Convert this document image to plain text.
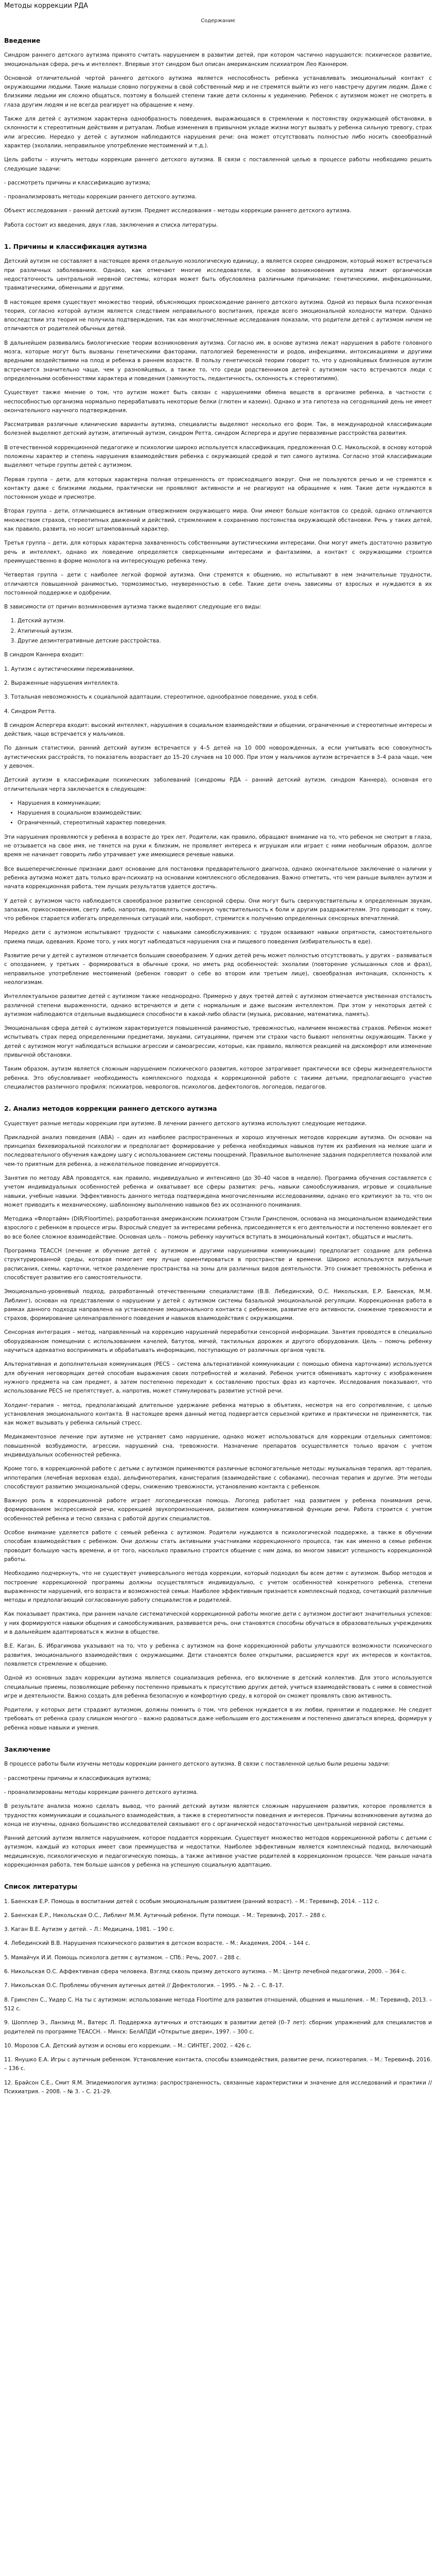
Методы коррекции РДА
Содержание
Введение

Синдром раннего детского аутизма принято считать нарушением в развитии детей, при котором частично нарушаются: психическое развитие, эмоциональная сфера, речь и интеллект. Впервые этот синдром был описан американским психиатром Лео Каннером.

Основной отличительной чертой раннего детского аутизма является неспособность ребенка устанавливать эмоциональный контакт с окружающими людьми. Такие малыши словно погружены в свой собственный мир и не стремятся выйти из него навстречу другим людям. Даже с близкими людьми им сложно общаться, поэтому в большей степени такие дети склонны к уединению. Ребенок с аутизмом может не смотреть в глаза другим людям и не всегда реагирует на обращение к нему.

Также для детей с аутизмом характерна однообразность поведения, выражающаяся в стремлении к постоянству окружающей обстановки, в склонности к стереотипным действиям и ритуалам. Любые изменения в привычном укладе жизни могут вызвать у ребенка сильную тревогу, страх или агрессию. Нередко у детей с аутизмом наблюдаются нарушения речи: она может отсутствовать полностью либо носить своеобразный характер (эхолалии, неправильное употребление местоимений и т.д.).

Цель работы – изучить методы коррекции раннего детского аутизма. В связи с поставленной целью в процессе работы необходимо решить следующие задачи:

- рассмотреть причины и классификацию аутизма;

- проанализировать методы коррекции раннего детского аутизма.

Объект исследования – ранний детский аутизм. Предмет исследования – методы коррекции раннего детского аутизма.

Работа состоит из введения, двух глав, заключения и списка литературы.

1. Причины и классификация аутизма

Детский аутизм не составляет в настоящее время отдельную нозологическую единицу, а является скорее синдромом, который может встречаться при различных заболеваниях. Однако, как отмечают многие исследователи, в основе возникновения аутизма лежит органическая недостаточность центральной нервной системы, которая может быть обусловлена различными причинами: генетическими, инфекционными, травматическими, обменными и другими.

В настоящее время существует множество теорий, объясняющих происхождение раннего детского аутизма. Одной из первых была психогенная теория, согласно которой аутизм является следствием неправильного воспитания, прежде всего эмоциональной холодности матери. Однако впоследствии эта теория не получила подтверждения, так как многочисленные исследования показали, что родители детей с аутизмом ничем не отличаются от родителей обычных детей.

В дальнейшем развивались биологические теории возникновения аутизма. Согласно им, в основе аутизма лежат нарушения в работе головного мозга, которые могут быть вызваны генетическими факторами, патологией беременности и родов, инфекциями, интоксикациями и другими вредными воздействиями на плод и ребенка в раннем возрасте. В пользу генетической теории говорит то, что у однояйцевых близнецов аутизм встречается значительно чаще, чем у разнояйцевых, а также то, что среди родственников детей с аутизмом часто встречаются люди с определенными особенностями характера и поведения (замкнутость, педантичность, склонность к стереотипиям).

Существует также мнение о том, что аутизм может быть связан с нарушениями обмена веществ в организме ребенка, в частности с неспособностью организма нормально перерабатывать некоторые белки (глютен и казеин). Однако и эта гипотеза на сегодняшний день не имеет окончательного научного подтверждения.

Рассматривая различные клинические варианты аутизма, специалисты выделяют несколько его форм. Так, в международной классификации болезней выделяют детский аутизм, атипичный аутизм, синдром Ретта, синдром Аспергера и другие первазивные расстройства развития.

В отечественной коррекционной педагогике и психологии широко используется классификация, предложенная О.С. Никольской, в основу которой положены характер и степень нарушения взаимодействия ребенка с окружающей средой и тип самого аутизма. Согласно этой классификации выделяют четыре группы детей с аутизмом.

Первая группа – дети, для которых характерна полная отрешенность от происходящего вокруг. Они не пользуются речью и не стремятся к контакту даже с близкими людьми, практически не проявляют активности и не реагируют на обращение к ним. Такие дети нуждаются в постоянном уходе и присмотре.

Вторая группа – дети, отличающиеся активным отвержением окружающего мира. Они имеют больше контактов со средой, однако отличаются множеством страхов, стереотипных движений и действий, стремлением к сохранению постоянства окружающей обстановки. Речь у таких детей, как правило, развита, но носит штампованный характер.

Третья группа – дети, для которых характерна захваченность собственными аутистическими интересами. Они могут иметь достаточно развитую речь и интеллект, однако их поведение определяется сверхценными интересами и фантазиями, а контакт с окружающими строится преимущественно в форме монолога на интересующую ребенка тему.

Четвертая группа – дети с наиболее легкой формой аутизма. Они стремятся к общению, но испытывают в нем значительные трудности, отличаются повышенной ранимостью, тормозимостью, неуверенностью в себе. Такие дети очень зависимы от взрослых и нуждаются в их постоянной поддержке и одобрении.

В зависимости от причин возникновения аутизма также выделяют следующие его виды:

1. Детский аутизм.
2. Атипичный аутизм.
3. Другие дезинтегративные детские расстройства.

В синдром Каннера входит:

1. Аутизм с аутистическими переживаниями.

2. Выраженные нарушения интеллекта.

3. Тотальная невозможность к социальной адаптации, стереотипное, однообразное поведение, уход в себя.

4. Синдром Ретта.

В синдром Аспергера входит: высокий интеллект, нарушения в социальном взаимодействии и общении, ограниченные и стереотипные интересы и действия, чаще встречается у мальчиков.

По данным статистики, ранний детский аутизм встречается у 4–5 детей на 10 000 новорожденных, а если учитывать всю совокупность аутистических расстройств, то показатель возрастает до 15–20 случаев на 10 000. При этом у мальчиков аутизм встречается в 3–4 раза чаще, чем у девочек.

Детский аутизм в классификации психических заболеваний (синдромы РДА – ранний детский аутизм, синдром Каннера), основная его отличительная черта заключается в следующем:

• Нарушения в коммуникации;
• Нарушения в социальном взаимодействии;
• Ограниченный, стереотипный характер поведения.

Эти нарушения проявляются у ребенка в возрасте до трех лет. Родители, как правило, обращают внимание на то, что ребенок не смотрит в глаза, не отзывается на свое имя, не тянется на руки к близким, не проявляет интереса к игрушкам или играет с ними необычным образом, долгое время не начинает говорить либо утрачивает уже имеющиеся речевые навыки.

Все вышеперечисленные признаки дают основание для постановки предварительного диагноза, однако окончательное заключение о наличии у ребенка аутизма может дать только врач-психиатр на основании комплексного обследования. Важно отметить, что чем раньше выявлен аутизм и начата коррекционная работа, тем лучших результатов удается достичь.

У детей с аутизмом часто наблюдается своеобразное развитие сенсорной сферы. Они могут быть сверхчувствительны к определенным звукам, запахам, прикосновениям, свету либо, напротив, проявлять сниженную чувствительность к боли и другим раздражителям. Это приводит к тому, что ребенок старается избегать определенных ситуаций или, наоборот, стремится к получению определенных сенсорных впечатлений.

Нередко дети с аутизмом испытывают трудности с навыками самообслуживания: с трудом осваивают навыки опрятности, самостоятельного приема пищи, одевания. Кроме того, у них могут наблюдаться нарушения сна и пищевого поведения (избирательность в еде).

Развитие речи у детей с аутизмом отличается большим своеобразием. У одних детей речь может полностью отсутствовать, у других – развиваться с опозданием, у третьих – формироваться в обычные сроки, но иметь ряд особенностей: эхолалии (повторение услышанных слов и фраз), неправильное употребление местоимений (ребенок говорит о себе во втором или третьем лице), своеобразная интонация, склонность к неологизмам.

Интеллектуальное развитие детей с аутизмом также неоднородно. Примерно у двух третей детей с аутизмом отмечается умственная отсталость различной степени выраженности, однако встречаются и дети с нормальным и даже высоким интеллектом. При этом у некоторых детей с аутизмом наблюдаются отдельные выдающиеся способности в какой-либо области (музыка, рисование, математика, память).

Эмоциональная сфера детей с аутизмом характеризуется повышенной ранимостью, тревожностью, наличием множества страхов. Ребенок может испытывать страх перед определенными предметами, звуками, ситуациями, причем эти страхи часто бывают непонятны окружающим. Также у детей с аутизмом могут наблюдаться вспышки агрессии и самоагрессии, которые, как правило, являются реакцией на дискомфорт или изменение привычной обстановки.

Таким образом, аутизм является сложным нарушением психического развития, которое затрагивает практически все сферы жизнедеятельности ребенка. Это обусловливает необходимость комплексного подхода к коррекционной работе с такими детьми, предполагающего участие специалистов различного профиля: психиатров, неврологов, психологов, дефектологов, логопедов, педагогов.

2. Анализ методов коррекции раннего детского аутизма

Существует разные методы коррекции при аутизме. В лечении раннего детского аутизма используют следующие методики.

Прикладной анализ поведения (ABA) – один из наиболее распространенных и хорошо изученных методов коррекции аутизма. Он основан на принципах бихевиоральной психологии и предполагает формирование у ребенка необходимых навыков путем их разбиения на мелкие шаги и последовательного обучения каждому шагу с использованием системы поощрений. Правильное выполнение задания подкрепляется похвалой или чем-то приятным для ребенка, а нежелательное поведение игнорируется.

Занятия по методу ABA проводятся, как правило, индивидуально и интенсивно (до 30–40 часов в неделю). Программа обучения составляется с учетом индивидуальных особенностей ребенка и охватывает все сферы развития: речь, навыки самообслуживания, игровые и социальные навыки, учебные навыки. Эффективность данного метода подтверждена многочисленными исследованиями, однако его критикуют за то, что он может приводить к механическому, шаблонному выполнению навыков без их осознанного понимания.

Методика «Флортайм» (DIR/Floortime), разработанная американским психиатром Стэнли Гринспеном, основана на эмоциональном взаимодействии взрослого с ребенком в процессе игры. Взрослый следует за интересами ребенка, присоединяется к его деятельности и постепенно вовлекает его во все более сложное взаимодействие. Основная цель – помочь ребенку научиться вступать в эмоциональный контакт, общаться и мыслить.

Программа TEACCH (лечение и обучение детей с аутизмом и другими нарушениями коммуникации) предполагает создание для ребенка структурированной среды, которая помогает ему лучше ориентироваться в пространстве и времени. Широко используются визуальные расписания, схемы, карточки, четкое разделение пространства на зоны для различных видов деятельности. Это снижает тревожность ребенка и способствует развитию его самостоятельности.

Эмоционально-уровневый подход, разработанный отечественными специалистами (В.В. Лебединский, О.С. Никольская, Е.Р. Баенская, М.М. Либлинг), основан на представлении о нарушении у детей с аутизмом системы базальной эмоциональной регуляции. Коррекционная работа в рамках данного подхода направлена на установление эмоционального контакта с ребенком, развитие его активности, снижение тревожности и страхов, формирование целенаправленного поведения и навыков взаимодействия с окружающими.

Сенсорная интеграция – метод, направленный на коррекцию нарушений переработки сенсорной информации. Занятия проводятся в специально оборудованном помещении с использованием качелей, батутов, мячей, тактильных дорожек и другого оборудования. Цель – помочь ребенку научиться адекватно воспринимать и обрабатывать информацию, поступающую от различных органов чувств.

Альтернативная и дополнительная коммуникация (PECS – система альтернативной коммуникации с помощью обмена карточками) используется для обучения неговорящих детей способам выражения своих потребностей и желаний. Ребенок учится обменивать карточку с изображением нужного предмета на сам предмет, а затем постепенно переходит к составлению простых фраз из карточек. Исследования показывают, что использование PECS не препятствует, а, напротив, может стимулировать развитие устной речи.

Холдинг-терапия – метод, предполагающий длительное удержание ребенка матерью в объятиях, несмотря на его сопротивление, с целью установления эмоционального контакта. В настоящее время данный метод подвергается серьезной критике и практически не применяется, так как может вызывать у ребенка сильный стресс.

Медикаментозное лечение при аутизме не устраняет само нарушение, однако может использоваться для коррекции отдельных симптомов: повышенной возбудимости, агрессии, нарушений сна, тревожности. Назначение препаратов осуществляется только врачом с учетом индивидуальных особенностей ребенка.

Кроме того, в коррекционной работе с детьми с аутизмом применяются различные вспомогательные методы: музыкальная терапия, арт-терапия, иппотерапия (лечебная верховая езда), дельфинотерапия, канистерапия (взаимодействие с собаками), песочная терапия и другие. Эти методы способствуют развитию эмоциональной сферы, снижению тревожности, установлению контакта с ребенком.

Важную роль в коррекционной работе играет логопедическая помощь. Логопед работает над развитием у ребенка понимания речи, формированием экспрессивной речи, коррекцией звукопроизношения, развитием коммуникативной функции речи. Работа строится с учетом особенностей ребенка и тесно связана с работой других специалистов.

Особое внимание уделяется работе с семьей ребенка с аутизмом. Родители нуждаются в психологической поддержке, а также в обучении способам взаимодействия с ребенком. Они должны стать активными участниками коррекционного процесса, так как именно в семье ребенок проводит большую часть времени, и от того, насколько правильно строится общение с ним дома, во многом зависит успешность коррекционной работы.

Необходимо подчеркнуть, что не существует универсального метода коррекции, который подходил бы всем детям с аутизмом. Выбор методов и построение коррекционной программы должны осуществляться индивидуально, с учетом особенностей конкретного ребенка, степени выраженности нарушений, его возраста и возможностей семьи. Наиболее эффективным признается комплексный подход, сочетающий различные методы и предполагающий согласованную работу специалистов и родителей.

Как показывает практика, при раннем начале систематической коррекционной работы многие дети с аутизмом достигают значительных успехов: у них формируются навыки общения и самообслуживания, развивается речь, они становятся способны обучаться в образовательных учреждениях и в дальнейшем адаптироваться к жизни в обществе.

В.Е. Каган, Б. Ибрагимова указывают на то, что у ребенка с аутизмом на фоне коррекционной работы улучшаются возможности психического развития, эмоционального взаимодействия с окружающими. Дети становятся более открытыми, расширяется круг их интересов и контактов, появляется стремление к общению.

Одной из основных задач коррекции аутизма является социализация ребенка, его включение в детский коллектив. Для этого используются специальные приемы, позволяющие ребенку постепенно привыкать к присутствию других детей, учиться взаимодействовать с ними в совместной игре и деятельности. Важно создать для ребенка безопасную и комфортную среду, в которой он сможет проявлять свою активность.

Родители, у которых дети страдают аутизмом, должны помнить о том, что ребенок нуждается в их любви, принятии и поддержке. Не следует требовать от ребенка сразу слишком многого – важно радоваться даже небольшим его достижениям и постепенно двигаться вперед, формируя у ребенка новые навыки и умения.

Заключение

В процессе работы были изучены методы коррекции раннего детского аутизма. В связи с поставленной целью были решены задачи:

- рассмотрены причины и классификация аутизма;

- проанализированы методы коррекции раннего детского аутизма.

В результате анализа можно сделать вывод, что ранний детский аутизм является сложным нарушением развития, которое проявляется в трудностях коммуникации и социального взаимодействия, а также в стереотипности поведения и интересов. Причины возникновения аутизма до конца не изучены, однако большинство исследователей связывают его с органической недостаточностью центральной нервной системы.

Ранний детский аутизм является нарушением, которое поддается коррекции. Существует множество методов коррекционной работы с детьми с аутизмом, каждый из которых имеет свои преимущества и недостатки. Наиболее эффективным является комплексный подход, включающий медицинскую, психологическую и педагогическую помощь, а также активное участие родителей в коррекционном процессе. Чем раньше начата коррекционная работа, тем больше шансов у ребенка на успешную социальную адаптацию.

Список литературы
1. Баенская Е.Р. Помощь в воспитании детей с особым эмоциональным развитием (ранний возраст). – М.: Теревинф, 2014. – 112 с.
2. Баенская Е.Р., Никольская О.С., Либлинг М.М. Аутичный ребенок. Пути помощи. – М.: Теревинф, 2017. – 288 с.
3. Каган В.Е. Аутизм у детей. – Л.: Медицина, 1981. – 190 с.
4. Лебединский В.В. Нарушения психического развития в детском возрасте. – М.: Академия, 2004. – 144 с.
5. Мамайчук И.И. Помощь психолога детям с аутизмом. – СПб.: Речь, 2007. – 288 с.
6. Никольская О.С. Аффективная сфера человека. Взгляд сквозь призму детского аутизма. – М.: Центр лечебной педагогики, 2000. – 364 с.
7. Никольская О.С. Проблемы обучения аутичных детей // Дефектология. – 1995. – № 2. – С. 8–17.
8. Гринспен С., Уидер С. На ты с аутизмом: использование метода Floortime для развития отношений, общения и мышления. – М.: Теревинф, 2013. – 512 с.
9. Шопплер Э., Ланзинд М., Ватерс Л. Поддержка аутичных и отстающих в развитии детей (0–7 лет): сборник упражнений для специалистов и родителей по программе TEACCH. – Минск: БелАПДИ «Открытые двери», 1997. – 300 с.
10. Морозов С.А. Детский аутизм и основы его коррекции. – М.: СИНТЕГ, 2002. – 426 с.
11. Янушко Е.А. Игры с аутичным ребенком. Установление контакта, способы взаимодействия, развитие речи, психотерапия. – М.: Теревинф, 2016. – 136 с.
12. Брайсон С.Е., Смит Я.М. Эпидемиология аутизма: распространенность, связанные характеристики и значение для исследований и практики // Психиатрия. – 2008. – № 3. – С. 21–29.
